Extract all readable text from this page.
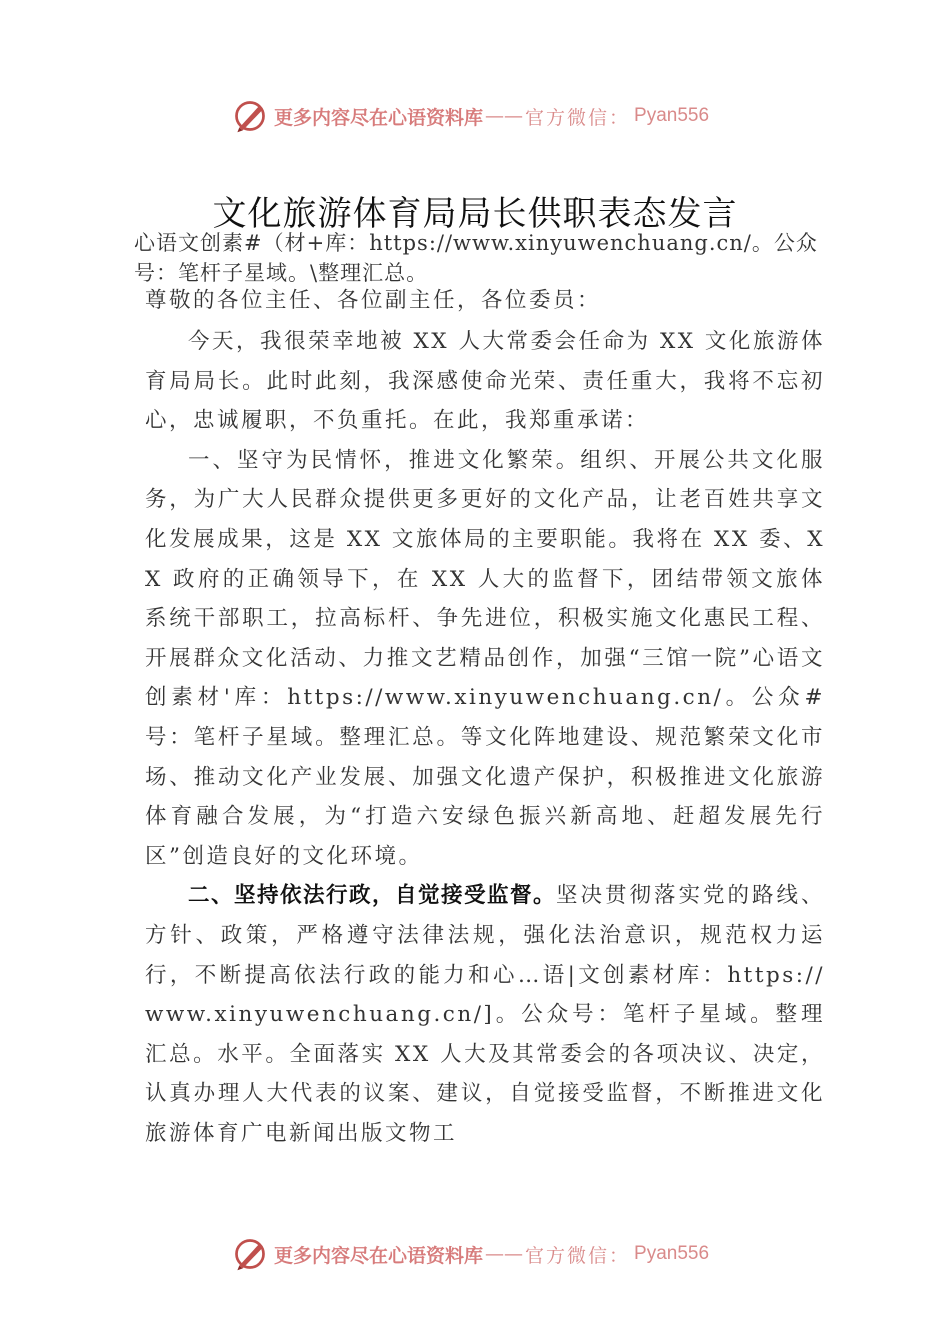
更多内容尽在心语资料库 —— 官方微信： Pyan556
文化旅游体育局局长供职表态发言
心语文创素#（材+库：https://www.xinyuwenchuang.cn/。公众号：笔杆子星域。\整理汇总。
尊敬的各位主任、各位副主任，各位委员：
今天，我很荣幸地被 XX 人大常委会任命为 XX 文化旅游体育局局长。此时此刻，我深感使命光荣、责任重大，我将不忘初心，忠诚履职，不负重托。在此，我郑重承诺：
一、坚守为民情怀，推进文化繁荣。组织、开展公共文化服务，为广大人民群众提供更多更好的文化产品，让老百姓共享文化发展成果，这是 XX 文旅体局的主要职能。我将在 XX 委、XX 政府的正确领导下，在 XX 人大的监督下，团结带领文旅体系统干部职工，拉高标杆、争先进位，积极实施文化惠民工程、开展群众文化活动、力推文艺精品创作，加强“三馆一院”心语文创素材'库：https://www.xinyuwenchuang.cn/。公众#号：笔杆子星域。整理汇总。等文化阵地建设、规范繁荣文化市场、推动文化产业发展、加强文化遗产保护，积极推进文化旅游体育融合发展，为“打造六安绿色振兴新高地、赶超发展先行区”创造良好的文化环境。
二、坚持依法行政，自觉接受监督。坚决贯彻落实党的路线、方针、政策，严格遵守法律法规，强化法治意识，规范权力运行，不断提高依法行政的能力和心…语|文创素材库：https://www.xinyuwenchuang.cn/]。公众号：笔杆子星域。整理汇总。水平。全面落实 XX 人大及其常委会的各项决议、决定，认真办理人大代表的议案、建议，自觉接受监督，不断推进文化旅游体育广电新闻出版文物工
更多内容尽在心语资料库 —— 官方微信： Pyan556
